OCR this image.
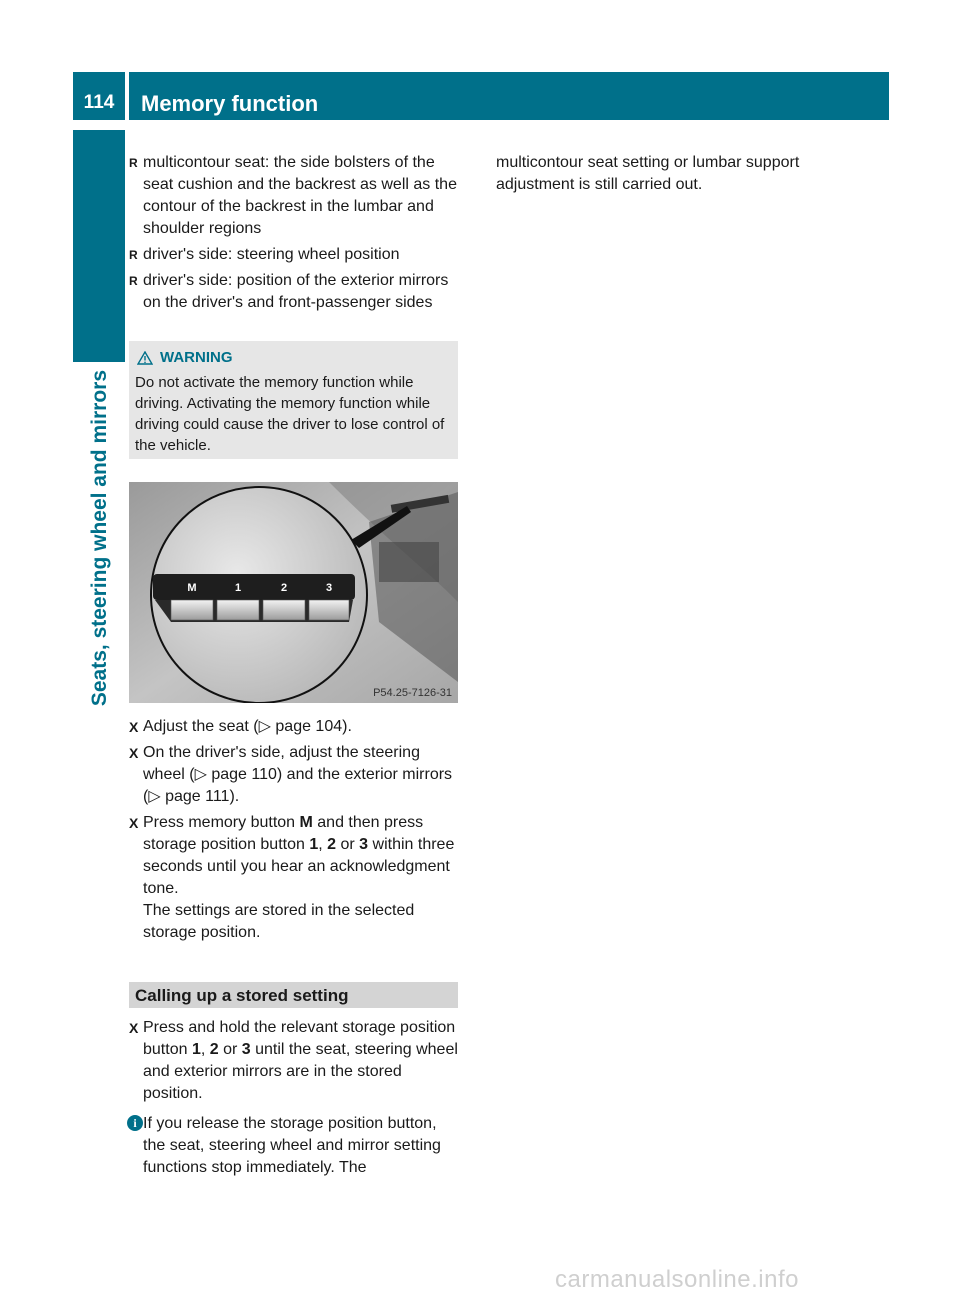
114	Memory function
Seats, steering wheel and mirrors
R multicontour seat: the side bolsters of the seat cushion and the backrest as well as the contour of the backrest in the lumbar and shoulder regions
R driver's side: steering wheel position
R driver's side: position of the exterior mirrors on the driver's and front-passenger sides
WARNING
Do not activate the memory function while driving. Activating the memory function while driving could cause the driver to lose control of the vehicle.
M	1	2	3
P54.25-7126-31
X Adjust the seat (▷ page 104).
X On the driver's side, adjust the steering wheel (▷ page 110) and the exterior mirrors (▷ page 111).
X Press memory button M and then press storage position button 1, 2 or 3 within three seconds until you hear an acknowledgment tone.
The settings are stored in the selected storage position.
Calling up a stored setting
X Press and hold the relevant storage position button 1, 2 or 3 until the seat, steering wheel and exterior mirrors are in the stored position.
i If you release the storage position button, the seat, steering wheel and mirror setting functions stop immediately. The
multicontour seat setting or lumbar support adjustment is still carried out.
carmanualsonline.info
